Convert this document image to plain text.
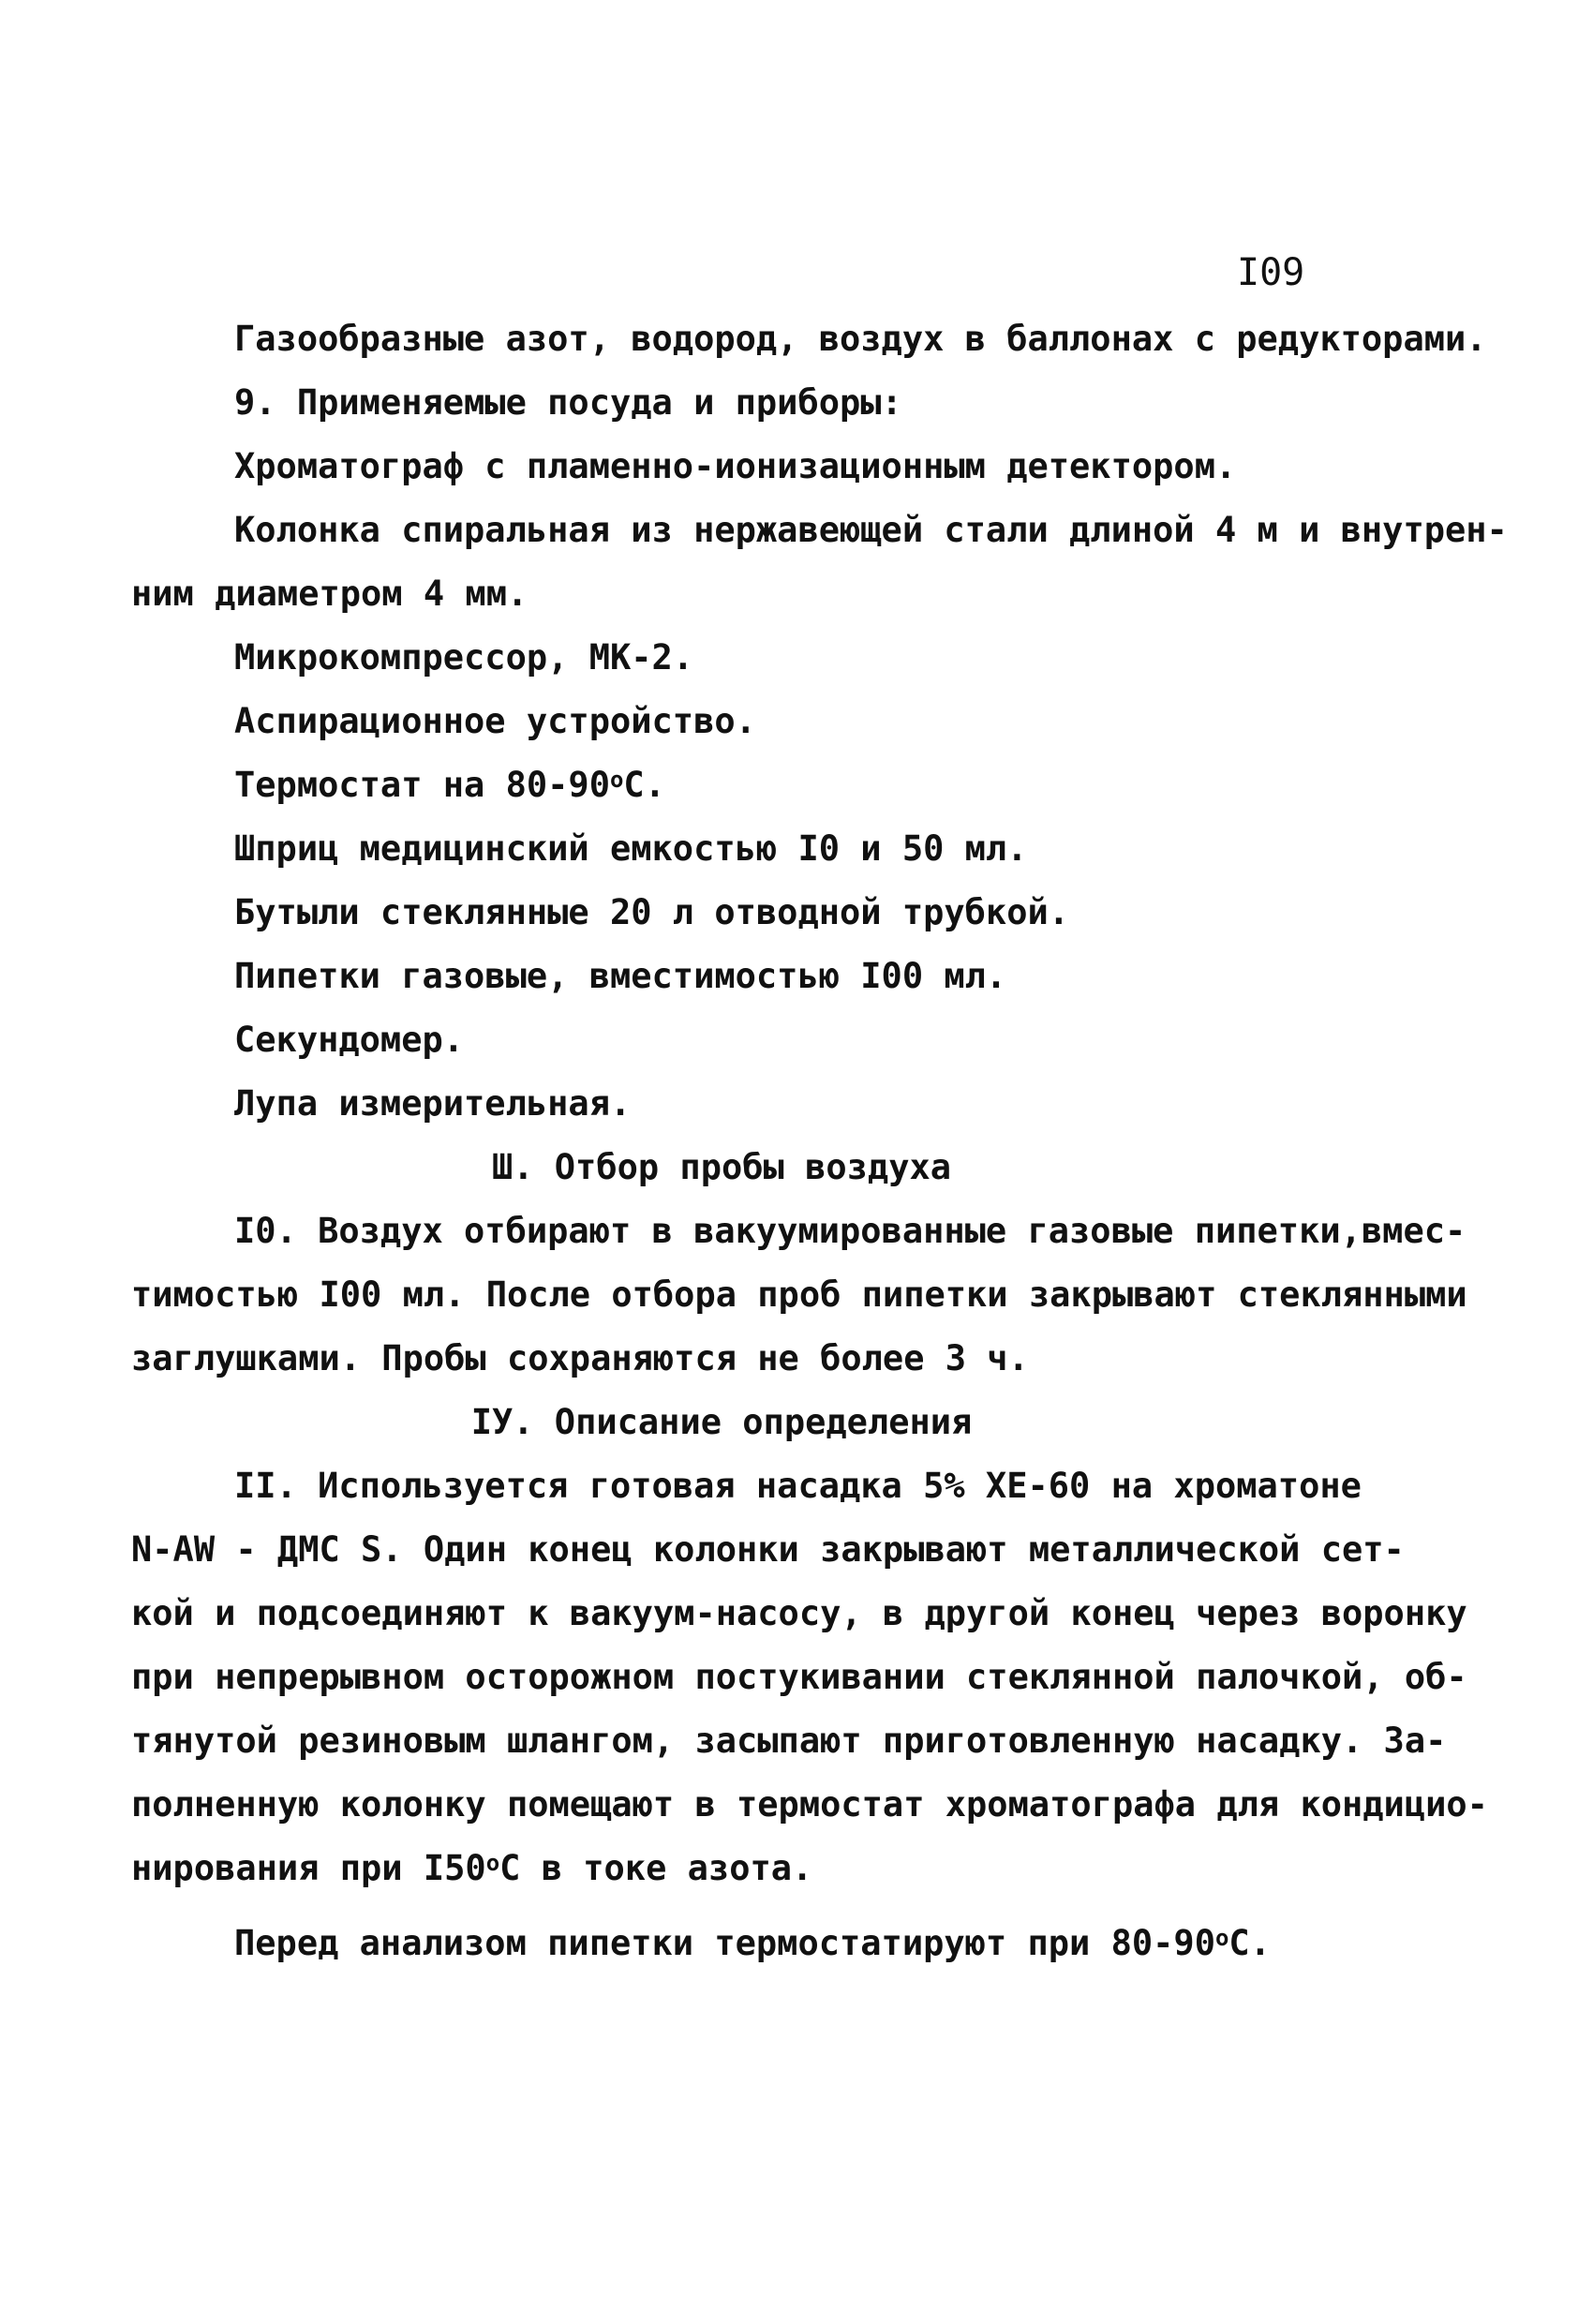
I09
Газообразные азот, водород, воздух в баллонах с редукторами.
9. Применяемые посуда и приборы:
Хроматограф с пламенно-ионизационным детектором.
Колонка спиральная из нержавеющей стали длиной 4 м и внутрен-
ним диаметром 4 мм.
Микрокомпрессор, МК-2.
Аспирационное устройство.
Термостат на 80-90$^o$С.
Шприц медицинский емкостью I0 и 50 мл.
Бутыли стеклянные 20 л отводной трубкой.
Пипетки газовые, вместимостью I00 мл.
Секундомер.
Лупа измерительная.
Ш. Отбор пробы воздуха
I0. Воздух отбирают в вакуумированные газовые пипетки,вмес-
тимостью I00 мл. После отбора проб пипетки закрывают стеклянными
заглушками. Пробы сохраняются не более 3 ч.
IУ. Описание определения
II. Используется готовая насадка 5% ХЕ-60 на хроматоне
N-AW - ДМС S. Один конец колонки закрывают металлической сет-
кой и подсоединяют к вакуум-насосу, в другой конец через воронку
при непрерывном осторожном постукивании стеклянной палочкой, об-
тянутой резиновым шлангом, засыпают приготовленную насадку. За-
полненную колонку помещают в термостат хроматографа для кондицио-
нирования при I50$^o$С в токе азота.
Перед анализом пипетки термостатируют при 80-90$^o$С.
